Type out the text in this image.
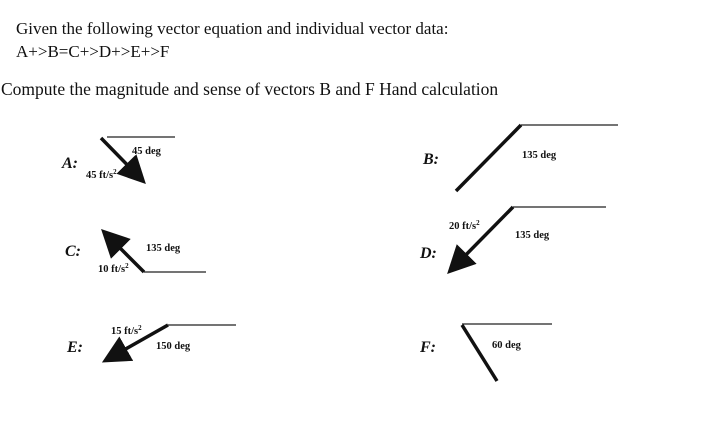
Given the following vector equation and individual vector data:
A+>B=C+>D+>E+>F
Compute the magnitude and sense of vectors B and F Hand calculation
A:
45 deg
45 $ft/s^2$
B:	135 deg
C:	135 deg
10 $ft/s^2$
D:
135 deg
20 $ft/s^2$
E:	150 deg
15 $ft/s^2$
F:	60 deg
